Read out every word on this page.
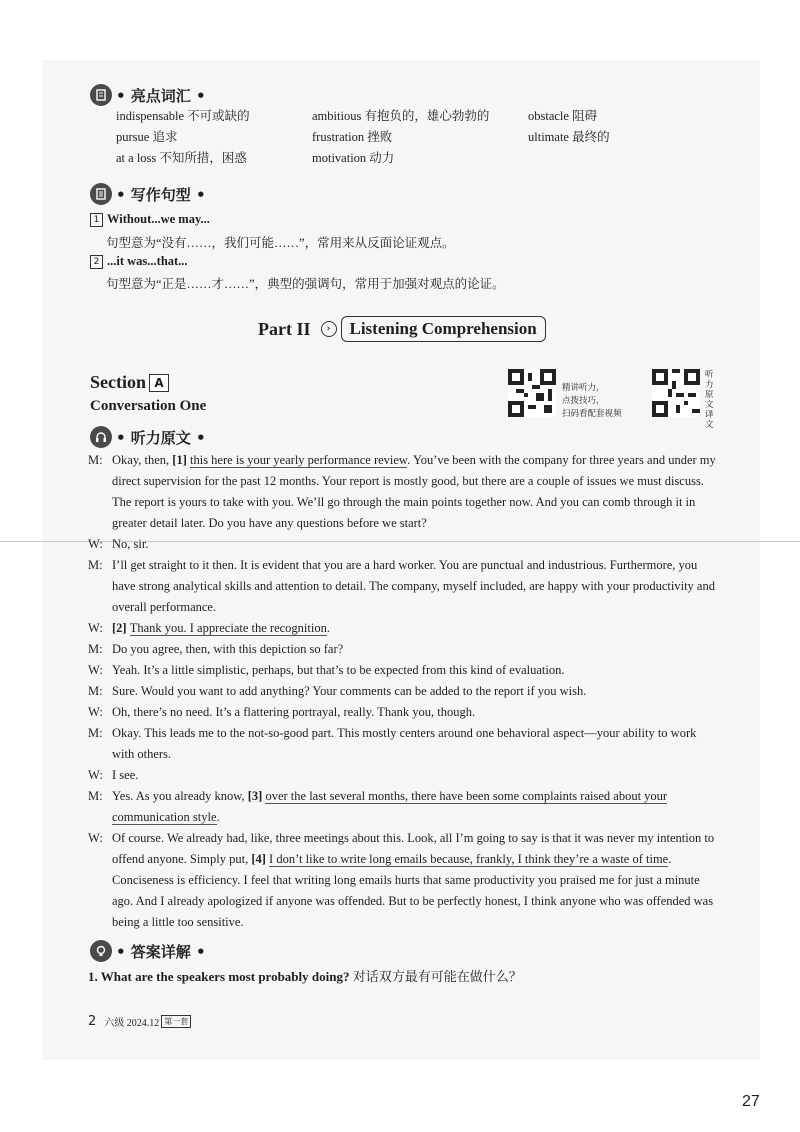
• 亮点词汇 •
indispensable 不可或缺的	ambitious 有抱负的，雄心勃勃的	obstacle 阻碍
pursue 追求	frustration 挫败	ultimate 最终的
at a loss 不知所措，困惑	motivation 动力
• 写作句型 •
1 Without...we may...
句型意为“没有……，我们可能……”，常用来从反面论证观点。
2 ...it was...that...
句型意为“正是……才……”，典型的强调句，常用于加强对观点的论证。
Part II	›	Listening Comprehension
Section A
Conversation One
精讲听力，
点拨技巧，
扫码看配套视频
听力原文译文
• 听力原文 •
M: Okay, then, [1] this here is your yearly performance review. You’ve been with the company for three years and under my direct supervision for the past 12 months. Your report is mostly good, but there are a couple of issues we must discuss. The report is yours to take with you. We’ll go through the main points together now. And you can comb through it in greater detail later. Do you have any questions before we start?
W: No, sir.
M: I’ll get straight to it then. It is evident that you are a hard worker. You are punctual and industrious. Furthermore, you have strong analytical skills and attention to detail. The company, myself included, are happy with your productivity and overall performance.
W: [2] Thank you. I appreciate the recognition.
M: Do you agree, then, with this depiction so far?
W: Yeah. It’s a little simplistic, perhaps, but that’s to be expected from this kind of evaluation.
M: Sure. Would you want to add anything? Your comments can be added to the report if you wish.
W: Oh, there’s no need. It’s a flattering portrayal, really. Thank you, though.
M: Okay. This leads me to the not-so-good part. This mostly centers around one behavioral aspect—your ability to work with others.
W: I see.
M: Yes. As you already know, [3] over the last several months, there have been some complaints raised about your communication style.
W: Of course. We already had, like, three meetings about this. Look, all I’m going to say is that it was never my intention to offend anyone. Simply put, [4] I don’t like to write long emails because, frankly, I think they’re a waste of time. Conciseness is efficiency. I feel that writing long emails hurts that same productivity you praised me for just a minute ago. And I already apologized if anyone was offended. But to be perfectly honest, I think anyone who was offended was being a little too sensitive.
• 答案详解 •
1. What are the speakers most probably doing? 对话双方最有可能在做什么？
2 六级 2024.12 第一套
27
